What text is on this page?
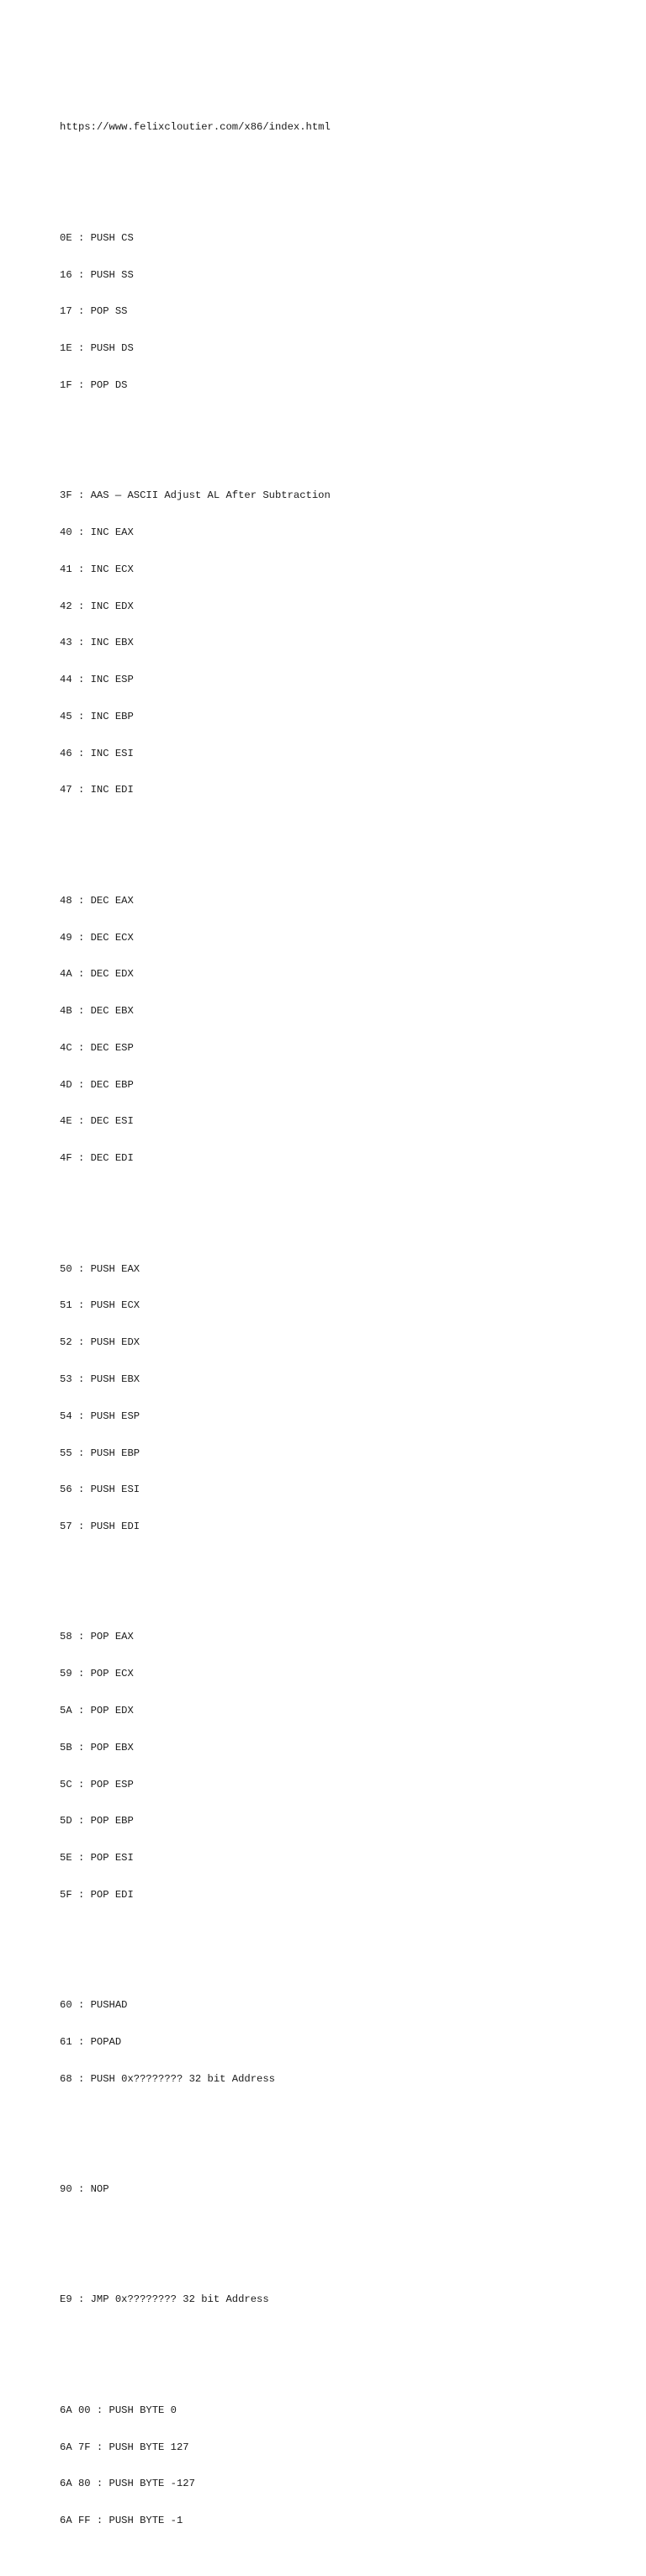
https://www.felixcloutier.com/x86/index.html

0E : PUSH CS

16 : PUSH SS

17 : POP SS

1E : PUSH DS

1F : POP DS

3F : AAS — ASCII Adjust AL After Subtraction

40 : INC EAX

41 : INC ECX

42 : INC EDX

43 : INC EBX

44 : INC ESP

45 : INC EBP

46 : INC ESI

47 : INC EDI

48 : DEC EAX

49 : DEC ECX

4A : DEC EDX

4B : DEC EBX

4C : DEC ESP

4D : DEC EBP

4E : DEC ESI

4F : DEC EDI

50 : PUSH EAX

51 : PUSH ECX

52 : PUSH EDX

53 : PUSH EBX

54 : PUSH ESP

55 : PUSH EBP

56 : PUSH ESI

57 : PUSH EDI

58 : POP EAX

59 : POP ECX

5A : POP EDX

5B : POP EBX

5C : POP ESP

5D : POP EBP

5E : POP ESI

5F : POP EDI

60 : PUSHAD

61 : POPAD

68 : PUSH 0x???????? 32 bit Address

90 : NOP

E9 : JMP 0x???????? 32 bit Address

6A 00 : PUSH BYTE 0

6A 7F : PUSH BYTE 127

6A 80 : PUSH BYTE -127

6A FF : PUSH BYTE -1
